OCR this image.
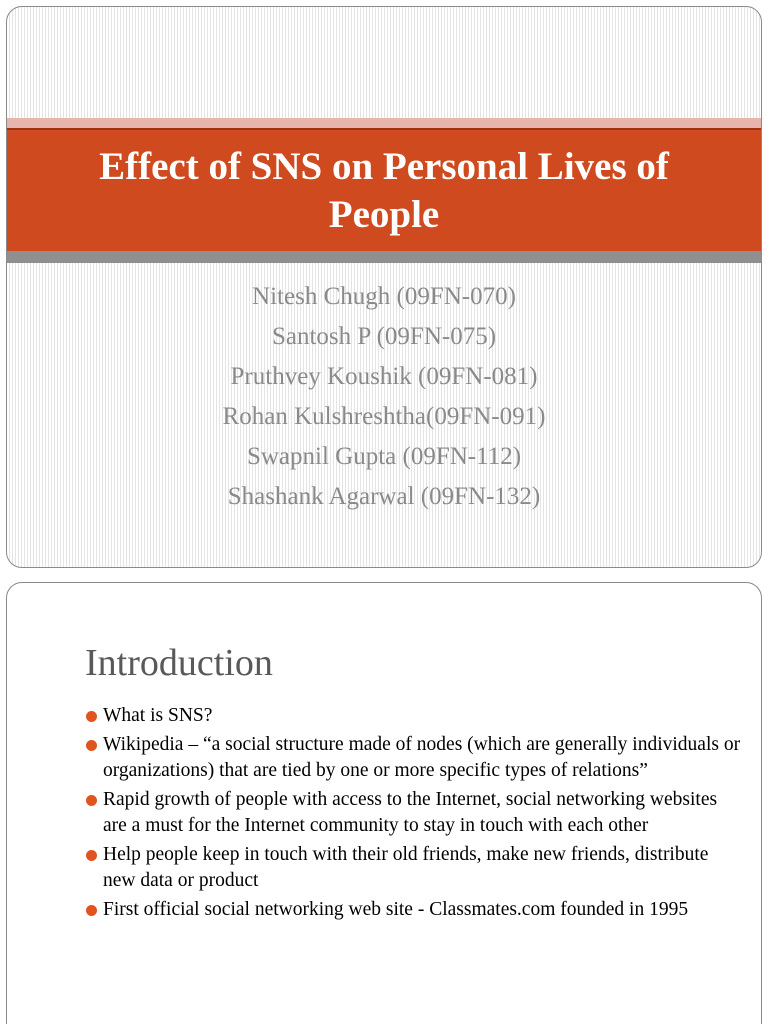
Effect of SNS on Personal Lives of People
Nitesh Chugh (09FN-070)
Santosh P (09FN-075)
Pruthvey Koushik (09FN-081)
Rohan Kulshreshtha(09FN-091)
Swapnil Gupta (09FN-112)
Shashank Agarwal (09FN-132)
Introduction
What is SNS?
Wikipedia – “a social structure made of nodes (which are generally individuals or organizations) that are tied by one or more specific types of relations”
Rapid growth of people with access to the Internet, social networking websites are a must for the Internet community to stay in touch with each other
Help people keep in touch with their old friends, make new friends, distribute new data or product
First official social networking web site - Classmates.com founded in 1995
